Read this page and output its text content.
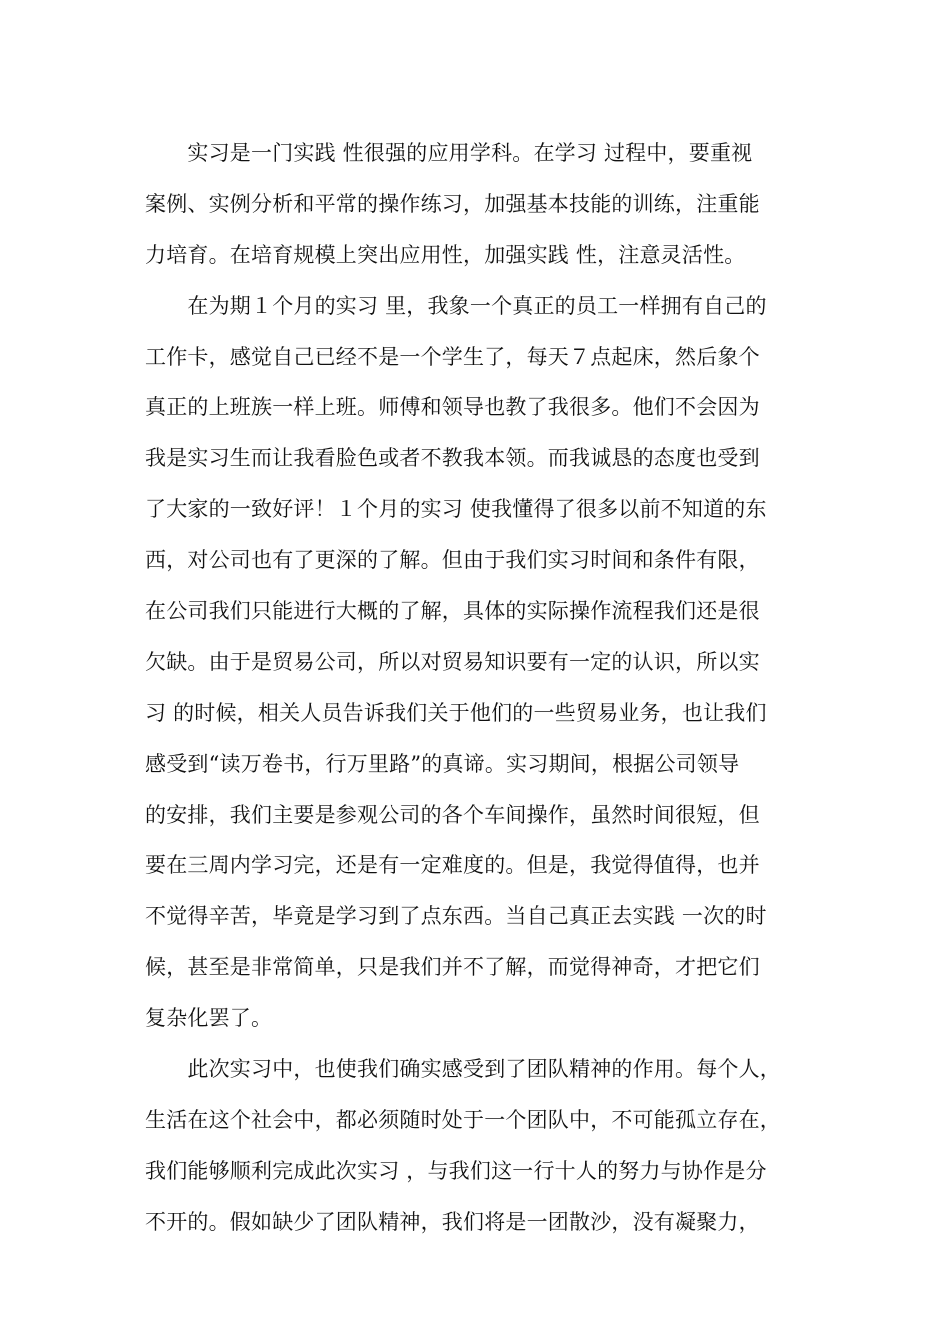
　　实习是一门实践 性很强的应用学科。在学习 过程中，要重视
案例、实例分析和平常的操作练习，加强基本技能的训练，注重能
力培育。在培育规模上突出应用性，加强实践 性，注意灵活性。
　　在为期１个月的实习 里，我象一个真正的员工一样拥有自己的
工作卡，感觉自己已经不是一个学生了，每天７点起床，然后象个
真正的上班族一样上班。师傅和领导也教了我很多。他们不会因为
我是实习生而让我看脸色或者不教我本领。而我诚恳的态度也受到
了大家的一致好评！１个月的实习 使我懂得了很多以前不知道的东
西，对公司也有了更深的了解。但由于我们实习时间和条件有限，
在公司我们只能进行大概的了解，具体的实际操作流程我们还是很
欠缺。由于是贸易公司，所以对贸易知识要有一定的认识，所以实
习 的时候，相关人员告诉我们关于他们的一些贸易业务，也让我们
感受到“读万卷书，行万里路”的真谛。实习期间，根据公司领导
的安排，我们主要是参观公司的各个车间操作，虽然时间很短，但
要在三周内学习完，还是有一定难度的。但是，我觉得值得，也并
不觉得辛苦，毕竟是学习到了点东西。当自己真正去实践 一次的时
候，甚至是非常简单，只是我们并不了解，而觉得神奇，才把它们
复杂化罢了。
　　此次实习中，也使我们确实感受到了团队精神的作用。每个人，
生活在这个社会中，都必须随时处于一个团队中，不可能孤立存在，
我们能够顺利完成此次实习 ，与我们这一行十人的努力与协作是分
不开的。假如缺少了团队精神，我们将是一团散沙，没有凝聚力，
